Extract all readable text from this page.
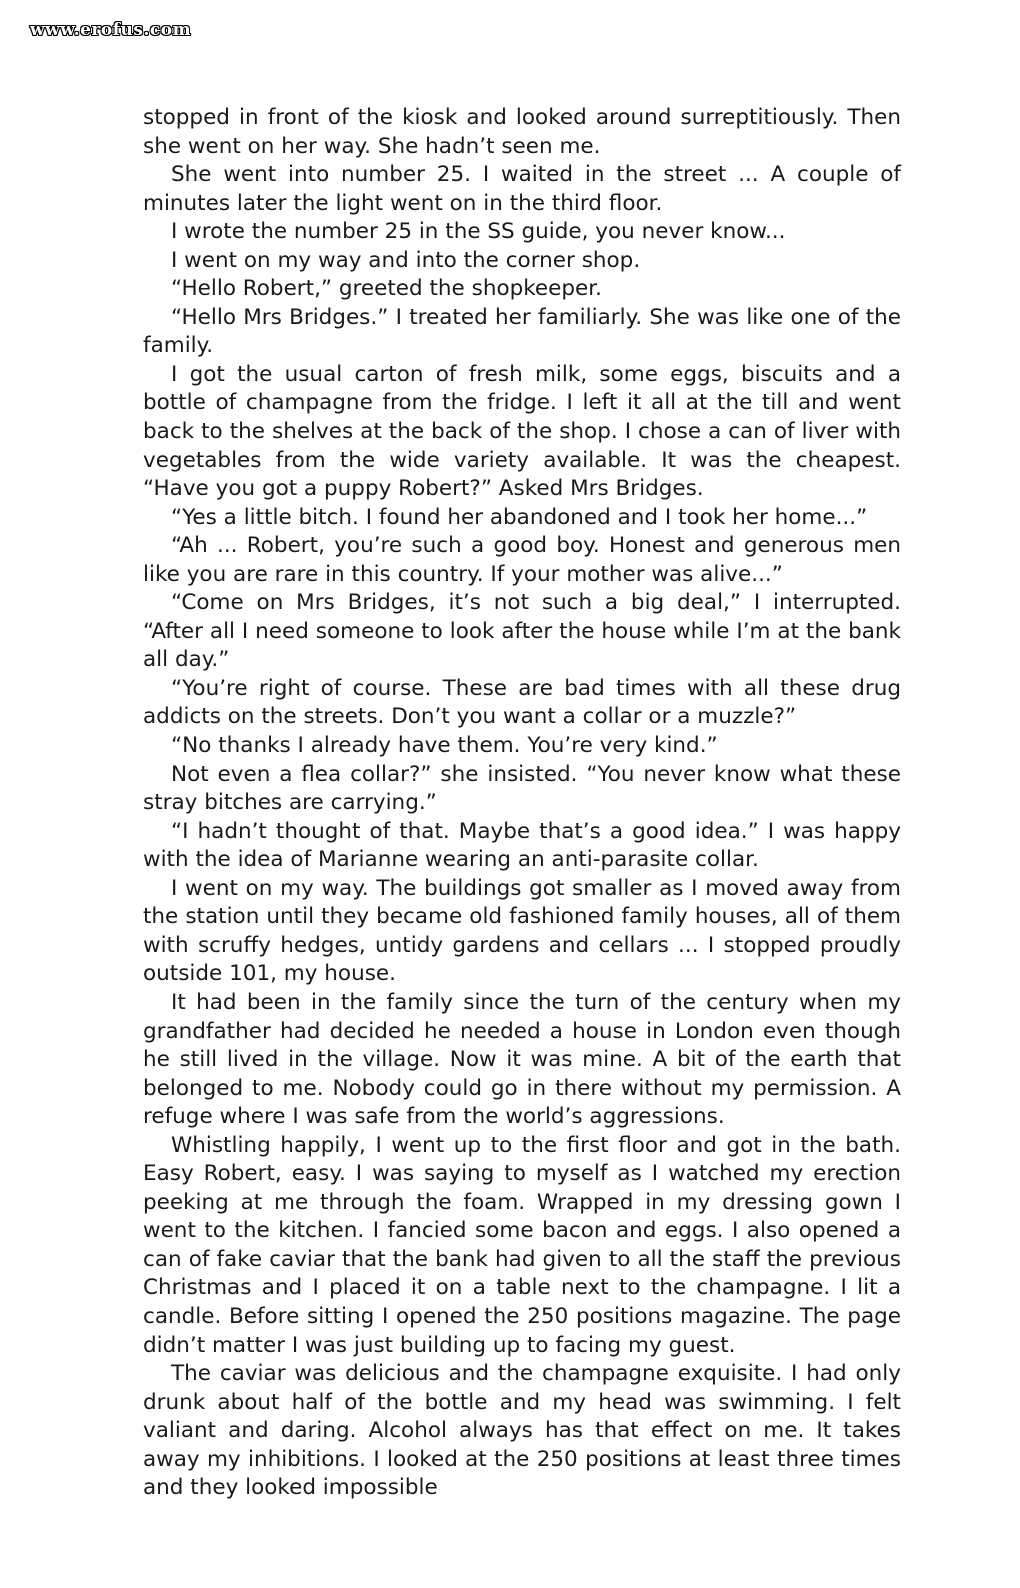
www.erofus.com

stopped in front of the kiosk and looked around surreptitiously. Then she went on her way. She hadn’t seen me.

She went into number 25. I waited in the street ... A couple of minutes later the light went on in the third floor.

I wrote the number 25 in the SS guide, you never know...

I went on my way and into the corner shop.

“Hello Robert,” greeted the shopkeeper.

“Hello Mrs Bridges.” I treated her familiarly. She was like one of the family.

I got the usual carton of fresh milk, some eggs, biscuits and a bottle of champagne from the fridge. I left it all at the till and went back to the shelves at the back of the shop. I chose a can of liver with vegetables from the wide variety available. It was the cheapest. “Have you got a puppy Robert?” Asked Mrs Bridges.

“Yes a little bitch. I found her abandoned and I took her home...”

“Ah ... Robert, you’re such a good boy. Honest and generous men like you are rare in this country. If your mother was alive...”

“Come on Mrs Bridges, it’s not such a big deal,” I interrupted. “After all I need someone to look after the house while I’m at the bank all day.”

“You’re right of course. These are bad times with all these drug addicts on the streets. Don’t you want a collar or a muzzle?”

“No thanks I already have them. You’re very kind.”

Not even a flea collar?” she insisted. “You never know what these stray bitches are carrying.”

“I hadn’t thought of that. Maybe that’s a good idea.” I was happy with the idea of Marianne wearing an anti-parasite collar.

I went on my way. The buildings got smaller as I moved away from the station until they became old fashioned family houses, all of them with scruffy hedges, untidy gardens and cellars ... I stopped proudly outside 101, my house.

It had been in the family since the turn of the century when my grandfather had decided he needed a house in London even though he still lived in the village. Now it was mine. A bit of the earth that belonged to me. Nobody could go in there without my permission. A refuge where I was safe from the world’s aggressions.

Whistling happily, I went up to the first floor and got in the bath. Easy Robert, easy. I was saying to myself as I watched my erection peeking at me through the foam. Wrapped in my dressing gown I went to the kitchen. I fancied some bacon and eggs. I also opened a can of fake caviar that the bank had given to all the staff the previous Christmas and I placed it on a table next to the champagne. I lit a candle. Before sitting I opened the 250 positions magazine. The page didn’t matter I was just building up to facing my guest.

The caviar was delicious and the champagne exquisite. I had only drunk about half of the bottle and my head was swimming. I felt valiant and daring. Alcohol always has that effect on me. It takes away my inhibitions. I looked at the 250 positions at least three times and they looked impossible
